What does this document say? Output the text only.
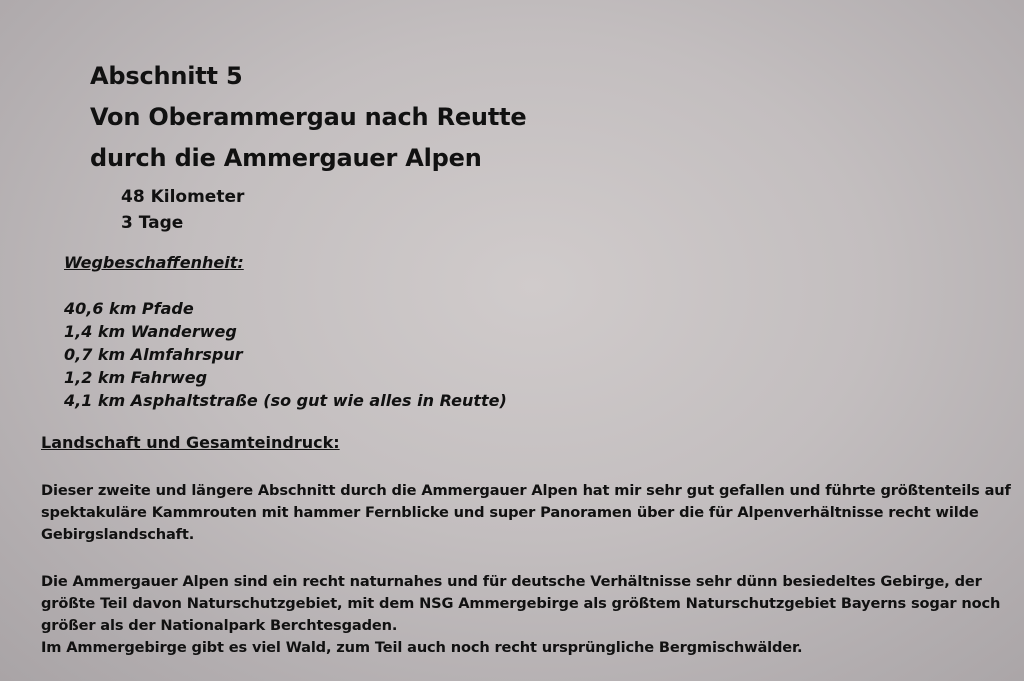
Abschnitt 5
Von Oberammergau nach Reutte
durch die Ammergauer Alpen
48 Kilometer
3 Tage
Wegbeschaffenheit:
40,6 km Pfade
1,4 km Wanderweg
0,7 km Almfahrspur
1,2 km Fahrweg
4,1 km Asphaltstraße (so gut wie alles in Reutte)
Landschaft und Gesamteindruck:

Dieser zweite und längere Abschnitt durch die Ammergauer Alpen hat mir sehr gut gefallen und führte größtenteils auf
spektakuläre Kammrouten mit hammer Fernblicke und super Panoramen über die für Alpenverhältnisse recht wilde
Gebirgslandschaft.

Die Ammergauer Alpen sind ein recht naturnahes und für deutsche Verhältnisse sehr dünn besiedeltes Gebirge, der
größte Teil davon Naturschutzgebiet, mit dem NSG Ammergebirge als größtem Naturschutzgebiet Bayerns sogar noch
größer als der Nationalpark Berchtesgaden.
Im Ammergebirge gibt es viel Wald, zum Teil auch noch recht ursprüngliche Bergmischwälder.
